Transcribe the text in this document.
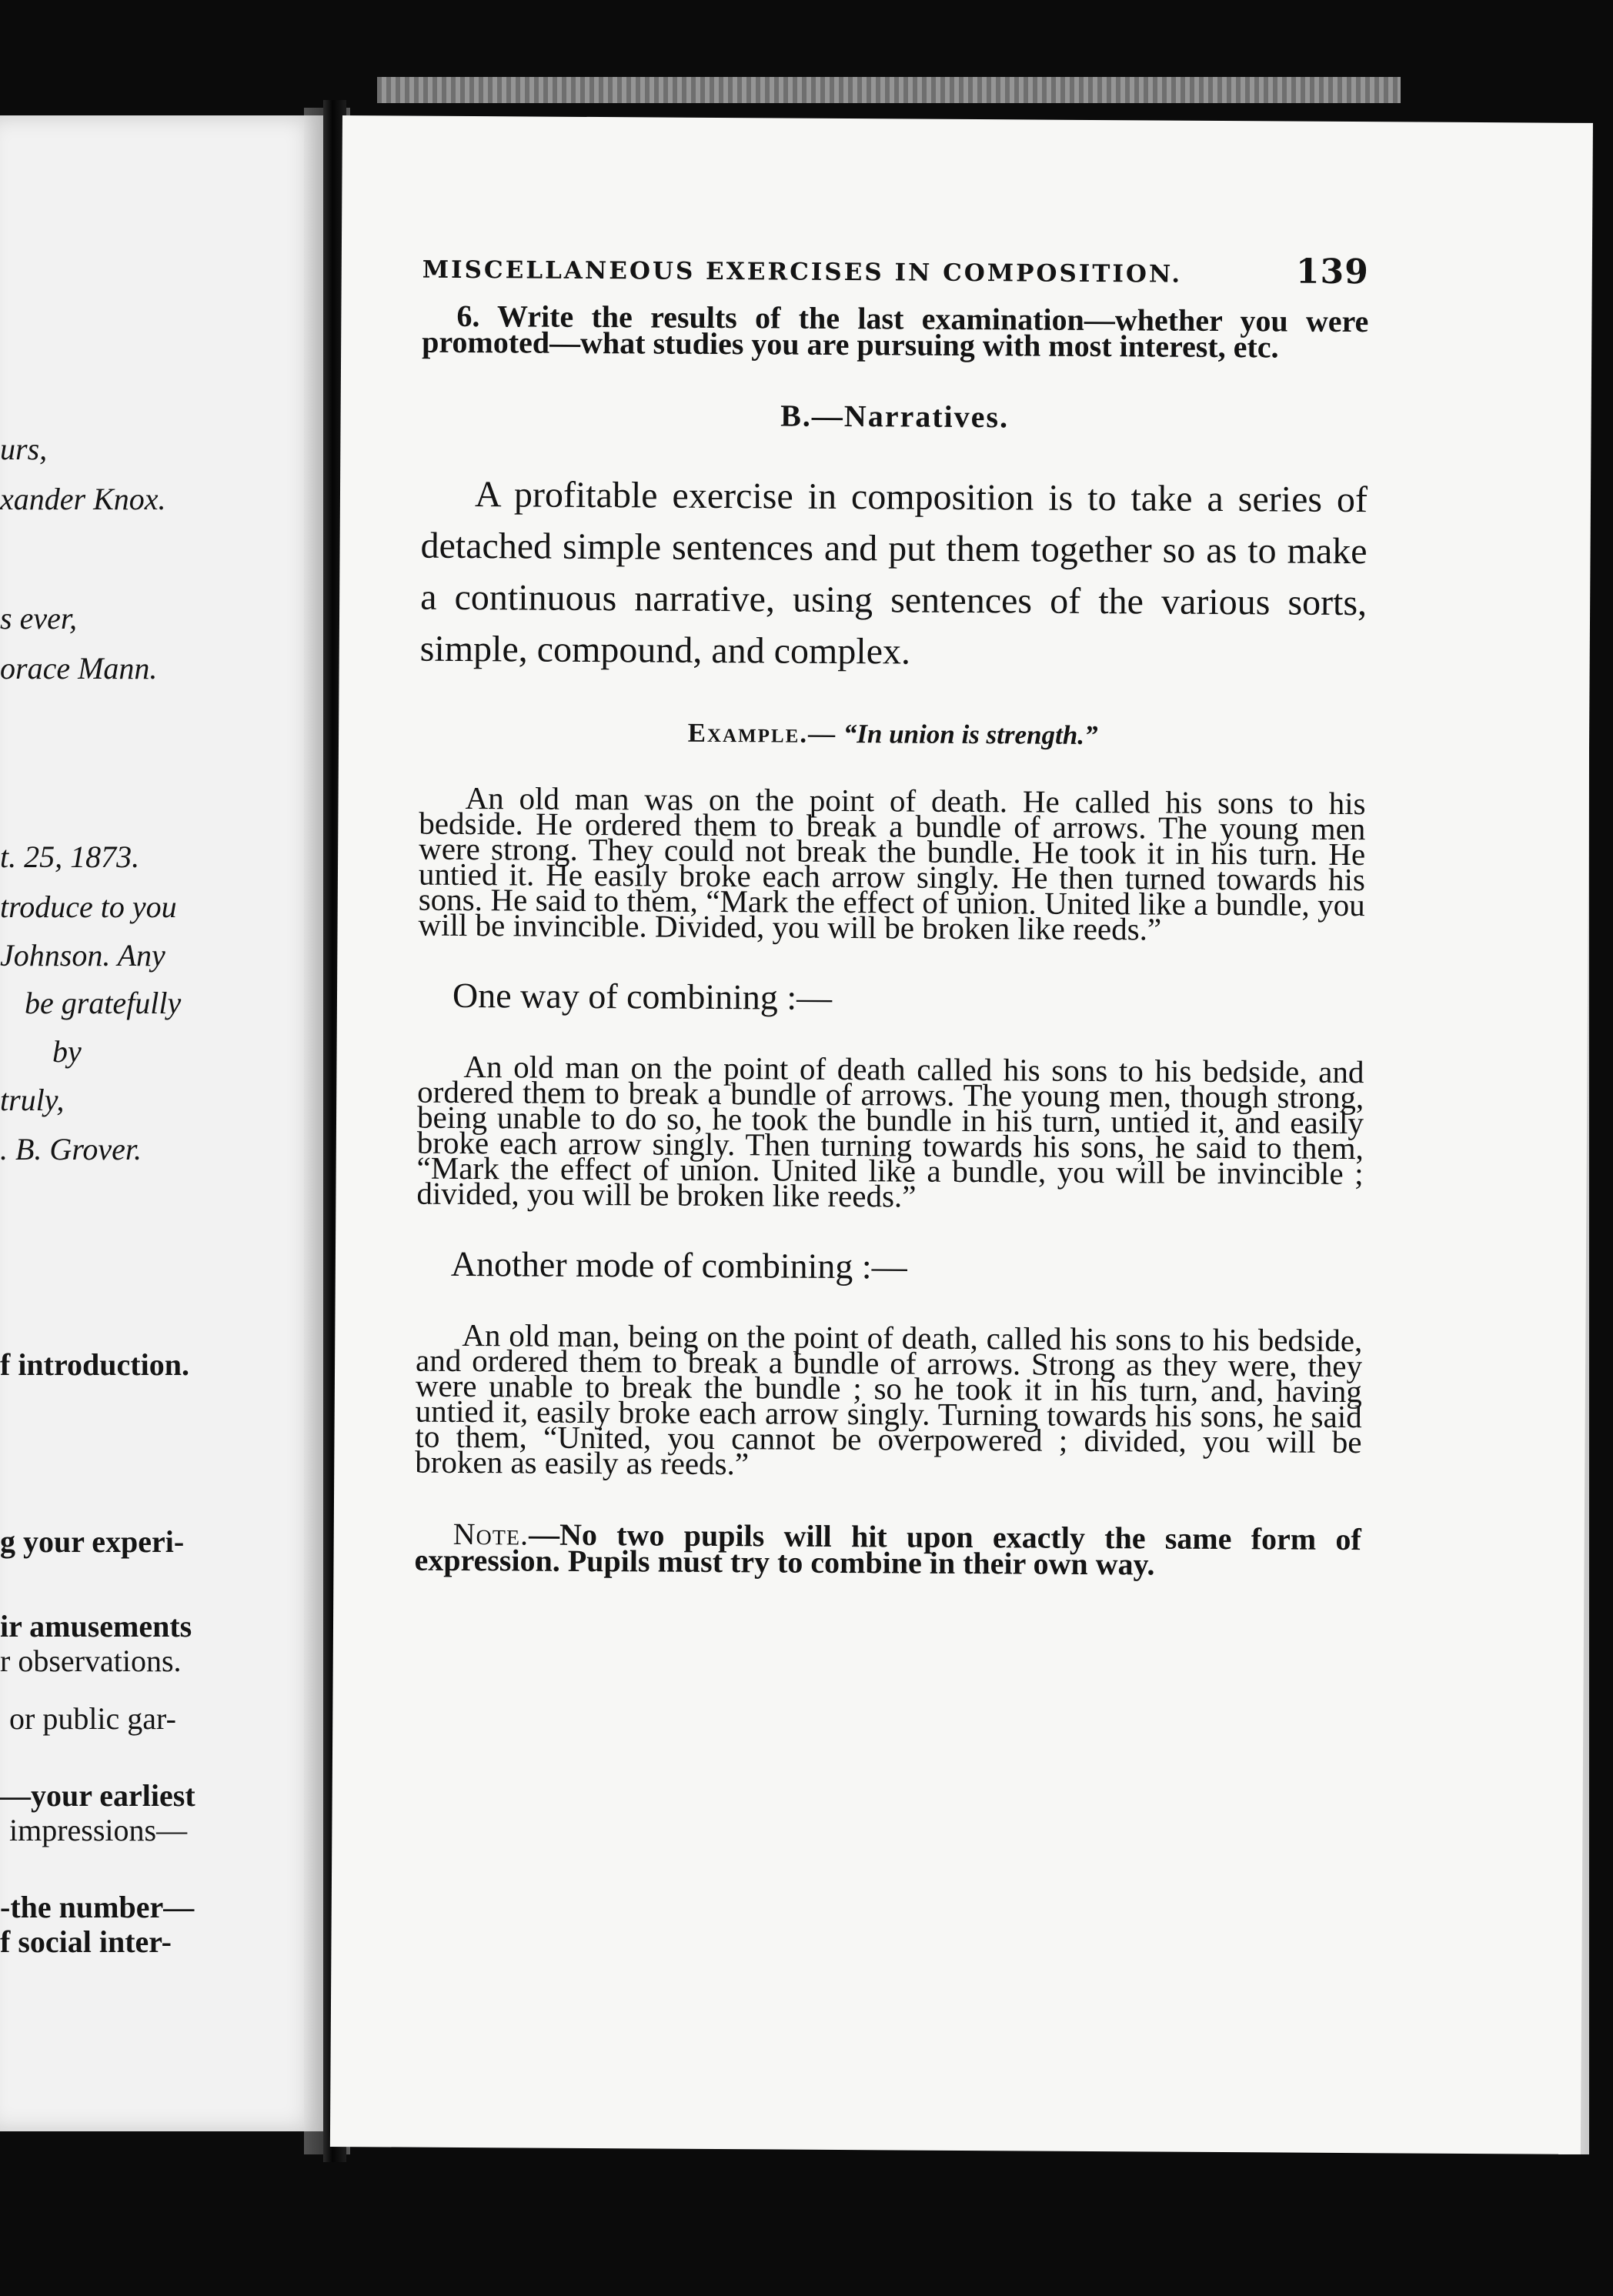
urs,
xander Knox.
s ever,
orace Mann.
t. 25, 1873.
troduce to you
Johnson. Any
be gratefully
by
truly,
. B. Grover.
f introduction.
g your experi-
ir amusements
r observations.
or public gar-
—your earliest
impressions—
-the number—
f social inter-
MISCELLANEOUS EXERCISES IN COMPOSITION.	139

6. Write the results of the last examination—whether you were promoted—what studies you are pursuing with most interest, etc.

B.—Narratives.

A profitable exercise in composition is to take a series of detached simple sentences and put them together so as to make a continuous narrative, using sentences of the various sorts, simple, compound, and complex.

Example.— “In union is strength.”

An old man was on the point of death. He called his sons to his bedside. He ordered them to break a bundle of arrows. The young men were strong. They could not break the bundle. He took it in his turn. He untied it. He easily broke each arrow singly. He then turned towards his sons. He said to them, “Mark the effect of union. United like a bundle, you will be invincible. Divided, you will be broken like reeds.”

One way of combining :—

An old man on the point of death called his sons to his bedside, and ordered them to break a bundle of arrows. The young men, though strong, being unable to do so, he took the bundle in his turn, untied it, and easily broke each arrow singly. Then turning towards his sons, he said to them, “Mark the effect of union. United like a bundle, you will be invincible ; divided, you will be broken like reeds.”

Another mode of combining :—

An old man, being on the point of death, called his sons to his bedside, and ordered them to break a bundle of arrows. Strong as they were, they were unable to break the bundle ; so he took it in his turn, and, having untied it, easily broke each arrow singly. Turning towards his sons, he said to them, “United, you cannot be overpowered ; divided, you will be broken as easily as reeds.”

Note.—No two pupils will hit upon exactly the same form of expression. Pupils must try to combine in their own way.
